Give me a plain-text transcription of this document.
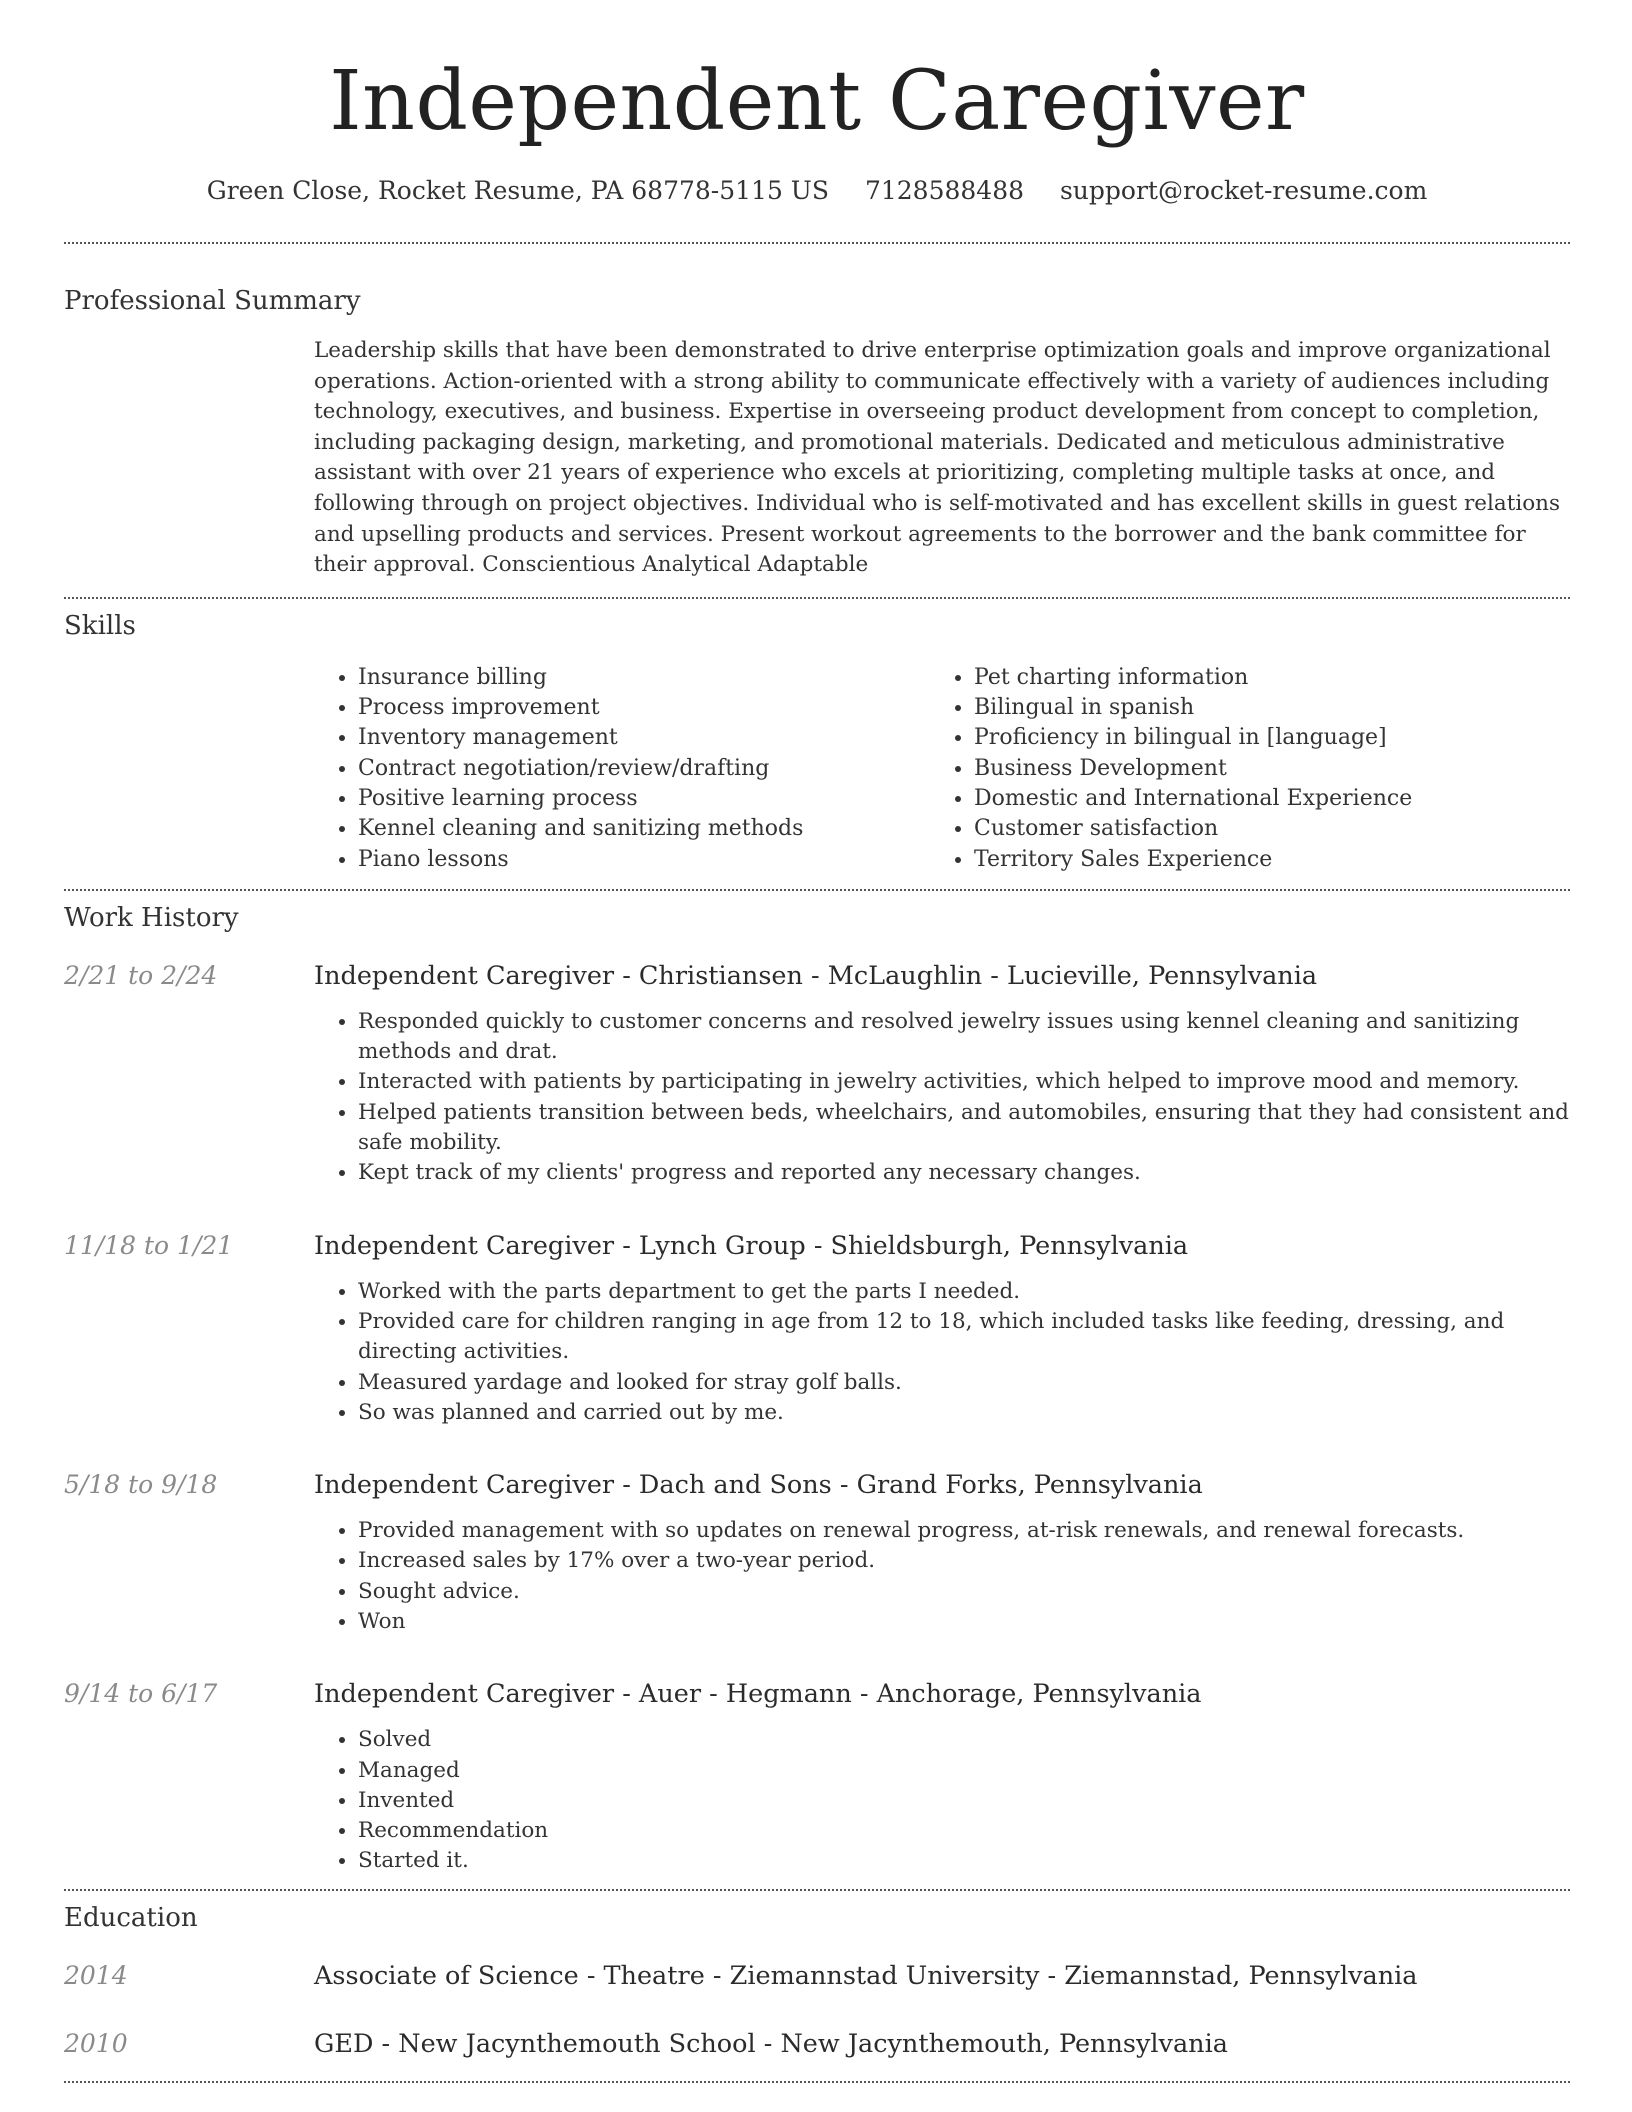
Independent Caregiver
Green Close, Rocket Resume, PA 68778-5115 US 7128588488 support@rocket-resume.com
Professional Summary
Leadership skills that have been demonstrated to drive enterprise optimization goals and improve organizational operations. Action-oriented with a strong ability to communicate effectively with a variety of audiences including technology, executives, and business. Expertise in overseeing product development from concept to completion, including packaging design, marketing, and promotional materials. Dedicated and meticulous administrative assistant with over 21 years of experience who excels at prioritizing, completing multiple tasks at once, and following through on project objectives. Individual who is self-motivated and has excellent skills in guest relations and upselling products and services. Present workout agreements to the borrower and the bank committee for their approval. Conscientious Analytical Adaptable
Skills
• Insurance billing
• Process improvement
• Inventory management
• Contract negotiation/review/drafting
• Positive learning process
• Kennel cleaning and sanitizing methods
• Piano lessons
• Pet charting information
• Bilingual in spanish
• Proficiency in bilingual in [language]
• Business Development
• Domestic and International Experience
• Customer satisfaction
• Territory Sales Experience
Work History
2/21 to 2/24	Independent Caregiver - Christiansen - McLaughlin - Lucieville, Pennsylvania
• Responded quickly to customer concerns and resolved jewelry issues using kennel cleaning and sanitizing methods and drat.
• Interacted with patients by participating in jewelry activities, which helped to improve mood and memory.
• Helped patients transition between beds, wheelchairs, and automobiles, ensuring that they had consistent and safe mobility.
• Kept track of my clients' progress and reported any necessary changes.
11/18 to 1/21	Independent Caregiver - Lynch Group - Shieldsburgh, Pennsylvania
• Worked with the parts department to get the parts I needed.
• Provided care for children ranging in age from 12 to 18, which included tasks like feeding, dressing, and directing activities.
• Measured yardage and looked for stray golf balls.
• So was planned and carried out by me.
5/18 to 9/18	Independent Caregiver - Dach and Sons - Grand Forks, Pennsylvania
• Provided management with so updates on renewal progress, at-risk renewals, and renewal forecasts.
• Increased sales by 17% over a two-year period.
• Sought advice.
• Won
9/14 to 6/17	Independent Caregiver - Auer - Hegmann - Anchorage, Pennsylvania
• Solved
• Managed
• Invented
• Recommendation
• Started it.
Education
2014	Associate of Science - Theatre - Ziemannstad University - Ziemannstad, Pennsylvania
2010	GED - New Jacynthemouth School - New Jacynthemouth, Pennsylvania
